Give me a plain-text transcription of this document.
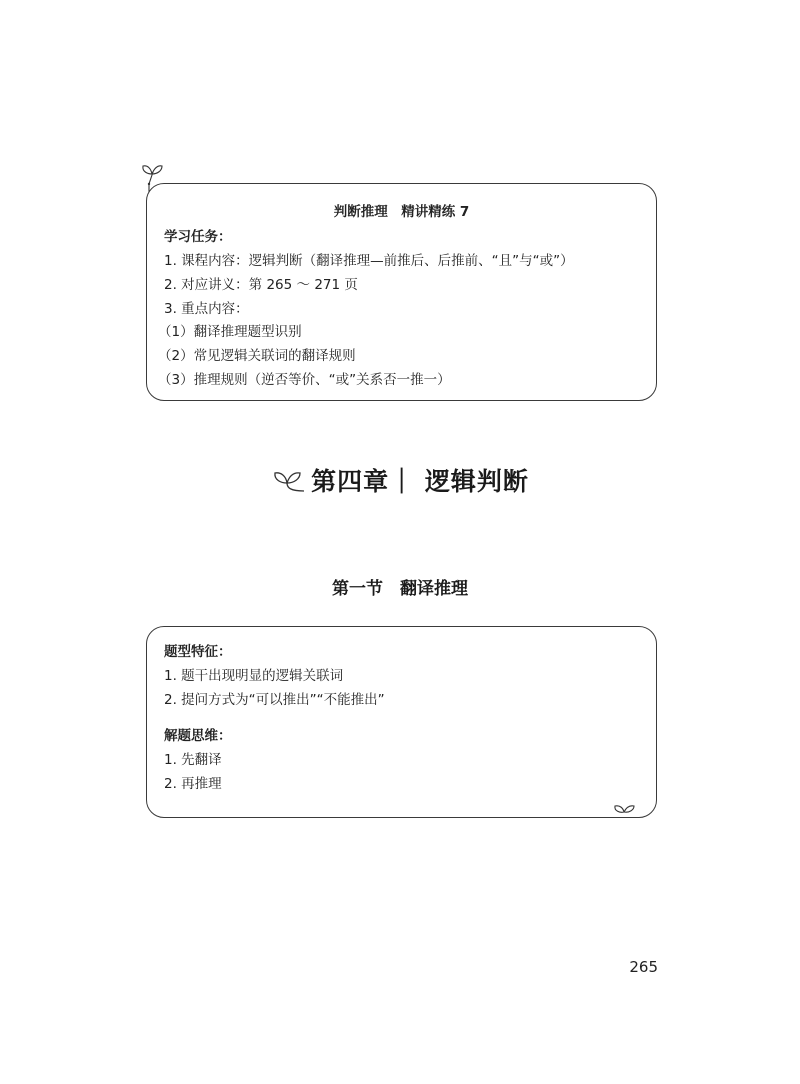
判断推理　精讲精练 7
学习任务：
1. 课程内容：逻辑判断（翻译推理—前推后、后推前、“且”与“或”）
2. 对应讲义：第 265 ～ 271 页
3. 重点内容：
（1）翻译推理题型识别
（2）常见逻辑关联词的翻译规则
（3）推理规则（逆否等价、“或”关系否一推一）
第四章｜ 逻辑判断
第一节　翻译推理
题型特征：
1. 题干出现明显的逻辑关联词
2. 提问方式为“可以推出”“不能推出”
解题思维：
1. 先翻译
2. 再推理
265
